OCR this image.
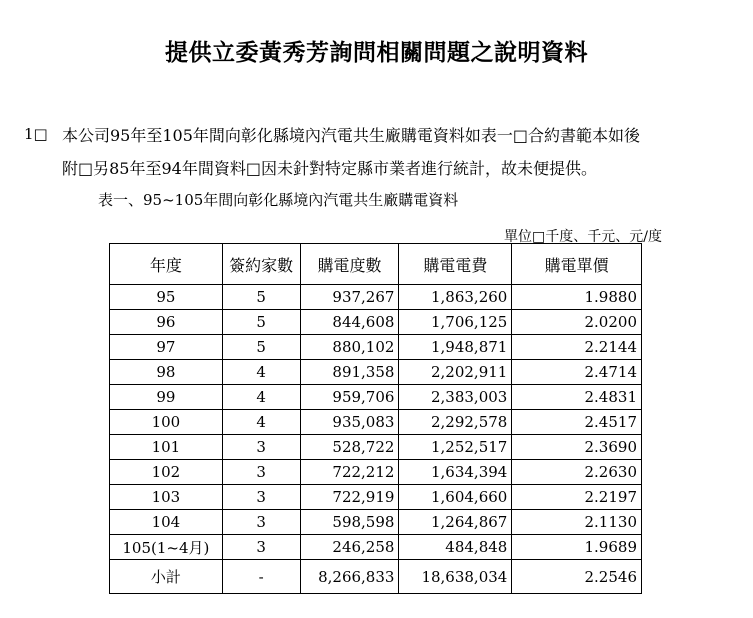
提供立委黃秀芳詢問相關問題之說明資料
1□ 本公司95年至105年間向彰化縣境內汽電共生廠購電資料如表一□合約書範本如後
附□另85年至94年間資料□因未針對特定縣市業者進行統計，故未便提供。
表一、95~105年間向彰化縣境內汽電共生廠購電資料
單位□千度、千元、元/度
年度	簽約家數	購電度數	購電電費	購電單價
95	5	937,267	1,863,260	1.9880
96	5	844,608	1,706,125	2.0200
97	5	880,102	1,948,871	2.2144
98	4	891,358	2,202,911	2.4714
99	4	959,706	2,383,003	2.4831
100	4	935,083	2,292,578	2.4517
101	3	528,722	1,252,517	2.3690
102	3	722,212	1,634,394	2.2630
103	3	722,919	1,604,660	2.2197
104	3	598,598	1,264,867	2.1130
105(1~4月)	3	246,258	484,848	1.9689
小計	-	8,266,833	18,638,034	2.2546
